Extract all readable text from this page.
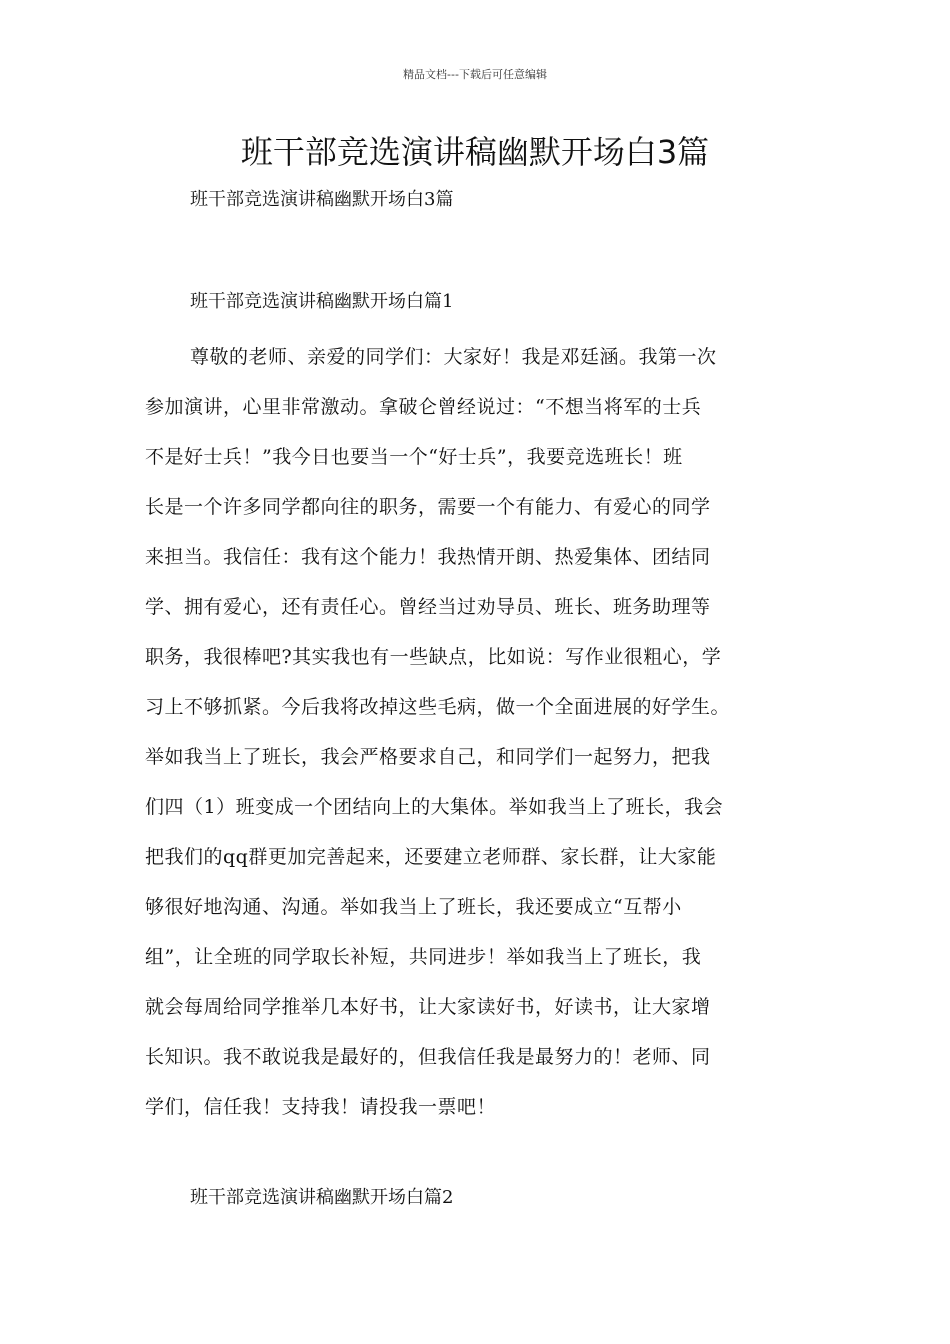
精品文档---下载后可任意编辑
班干部竞选演讲稿幽默开场白3篇
班干部竞选演讲稿幽默开场白3篇
班干部竞选演讲稿幽默开场白篇1
尊敬的老师、亲爱的同学们：大家好！我是邓廷涵。我第一次
参加演讲，心里非常激动。拿破仑曾经说过：“不想当将军的士兵
不是好士兵！”我今日也要当一个“好士兵”，我要竞选班长！班
长是一个许多同学都向往的职务，需要一个有能力、有爱心的同学
来担当。我信任：我有这个能力！我热情开朗、热爱集体、团结同
学、拥有爱心，还有责任心。曾经当过劝导员、班长、班务助理等
职务，我很棒吧?其实我也有一些缺点，比如说：写作业很粗心，学
习上不够抓紧。今后我将改掉这些毛病，做一个全面进展的好学生。
举如我当上了班长，我会严格要求自己，和同学们一起努力，把我
们四（1）班变成一个团结向上的大集体。举如我当上了班长，我会
把我们的qq群更加完善起来，还要建立老师群、家长群，让大家能
够很好地沟通、沟通。举如我当上了班长，我还要成立“互帮小
组”，让全班的同学取长补短，共同进步！举如我当上了班长，我
就会每周给同学推举几本好书，让大家读好书，好读书，让大家增
长知识。我不敢说我是最好的，但我信任我是最努力的！老师、同
学们，信任我！支持我！请投我一票吧！
班干部竞选演讲稿幽默开场白篇2
